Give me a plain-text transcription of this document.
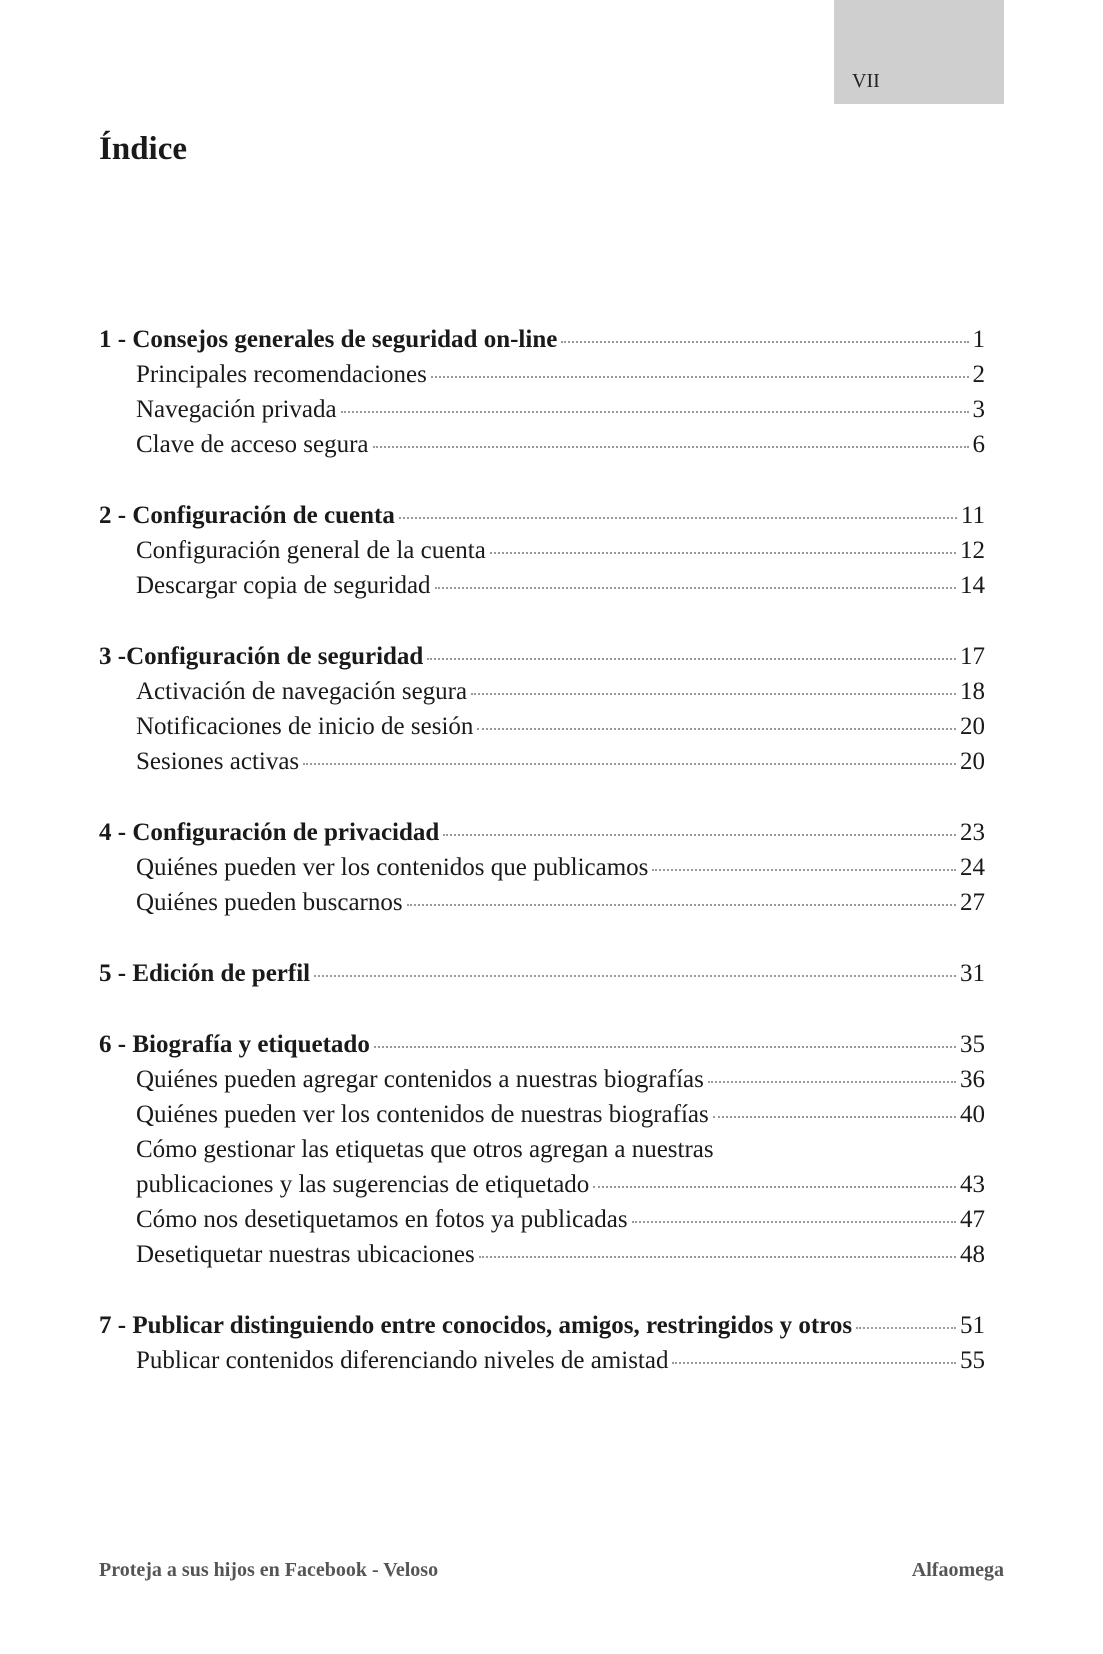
VII
Índice
1 - Consejos generales de seguridad on-line	1
Principales recomendaciones	2
Navegación privada	3
Clave de acceso segura	6
2 - Configuración de cuenta	11
Configuración general de la cuenta	12
Descargar copia de seguridad	14
3 -Configuración de seguridad	17
Activación de navegación segura	18
Notificaciones de inicio de sesión	20
Sesiones activas	20
4 - Configuración de privacidad	23
Quiénes pueden ver los contenidos que publicamos	24
Quiénes pueden buscarnos	27
5 - Edición de perfil	31
6 - Biografía y etiquetado	35
Quiénes pueden agregar contenidos a nuestras biografías	36
Quiénes pueden ver los contenidos de nuestras biografías	40
Cómo gestionar las etiquetas que otros agregan a nuestras
publicaciones y las sugerencias de etiquetado	43
Cómo nos desetiquetamos en fotos ya publicadas	47
Desetiquetar nuestras ubicaciones	48
7 - Publicar distinguiendo entre conocidos, amigos, restringidos y otros	51
Publicar contenidos diferenciando niveles de amistad	55
Proteja a sus hijos en Facebook - Veloso	Alfaomega
